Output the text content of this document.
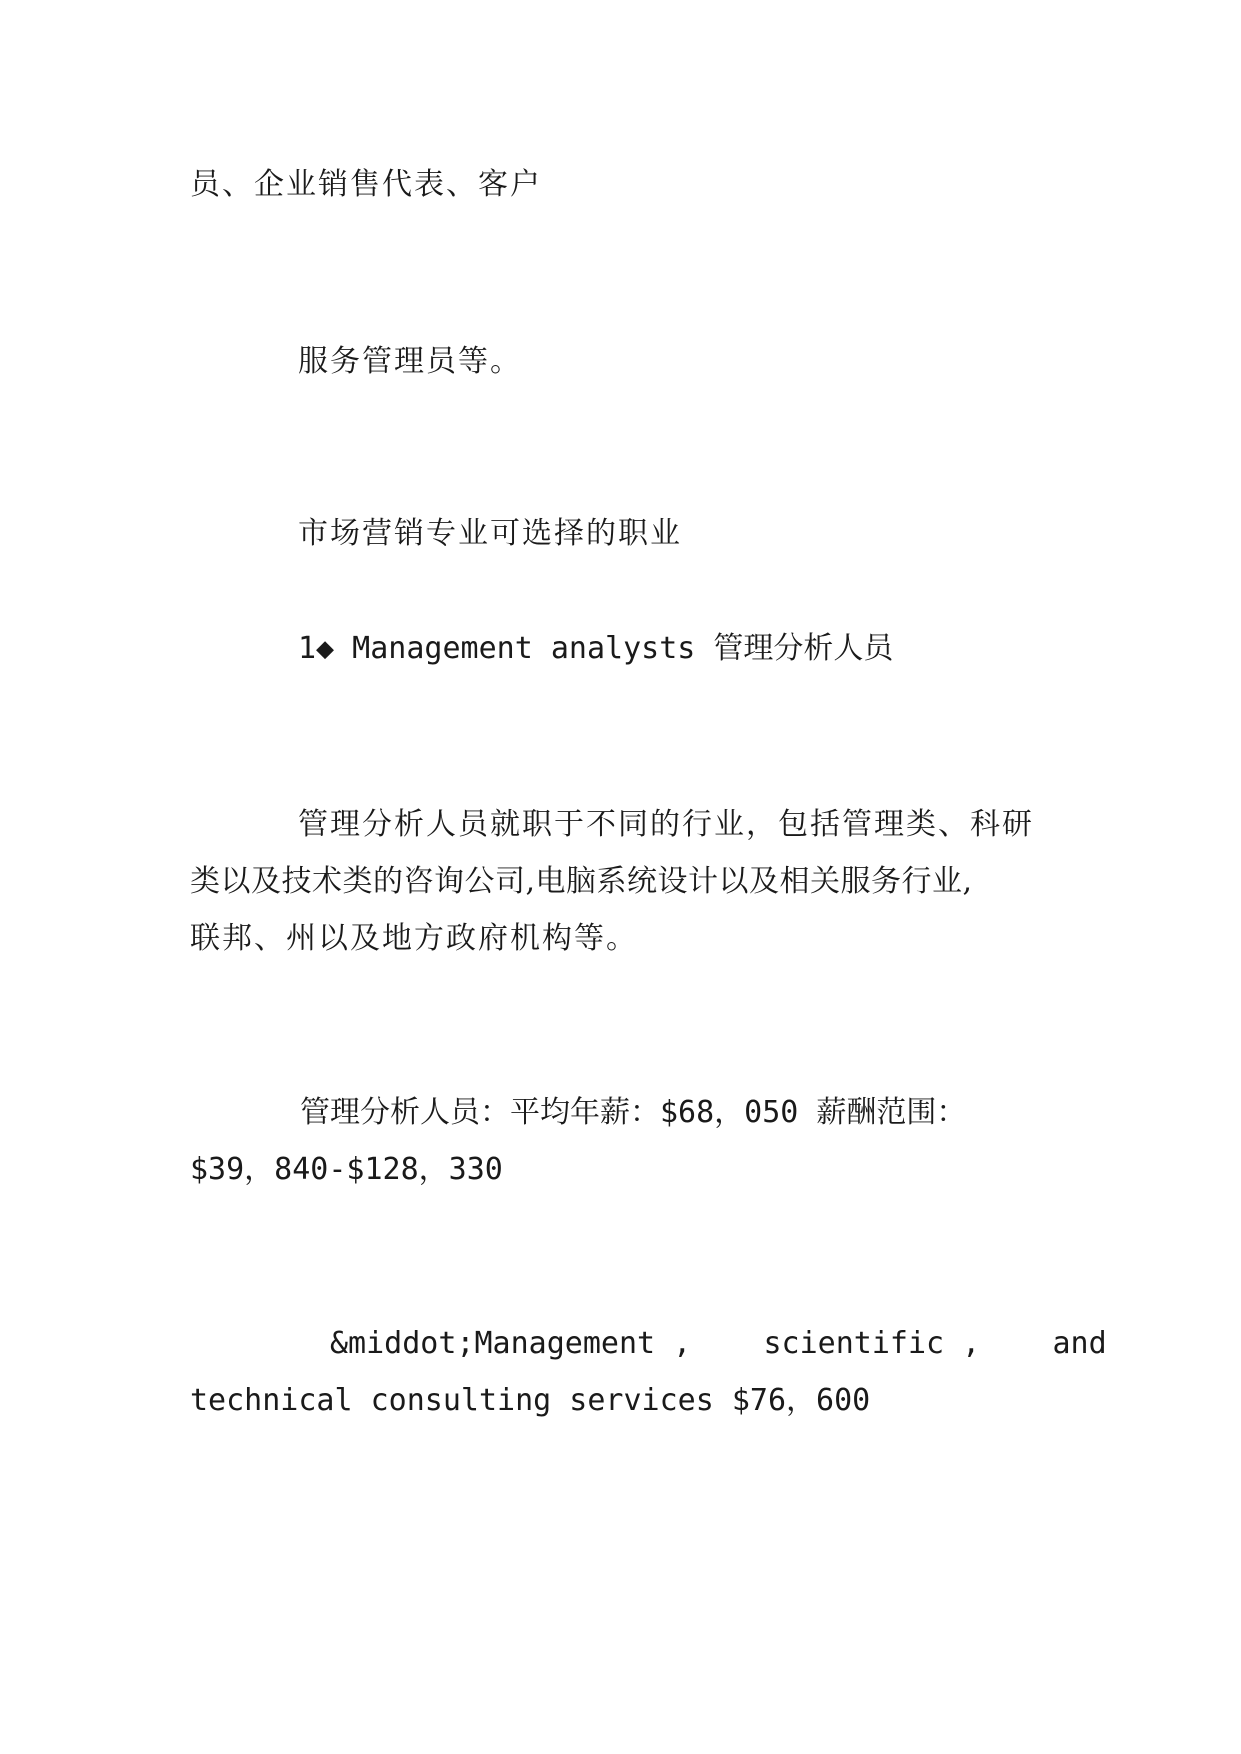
员、企业销售代表、客户
服务管理员等。
市场营销专业可选择的职业
1◆ Management analysts 管理分析人员
管理分析人员就职于不同的行业，包括管理类、科研
类以及技术类的咨询公司,电脑系统设计以及相关服务行业,
联邦、州以及地方政府机构等。
管理分析人员：平均年薪：$68，050 薪酬范围：
$39，840-$128，330
&middot;Management ,    scientific ,    and
technical consulting services $76，600
